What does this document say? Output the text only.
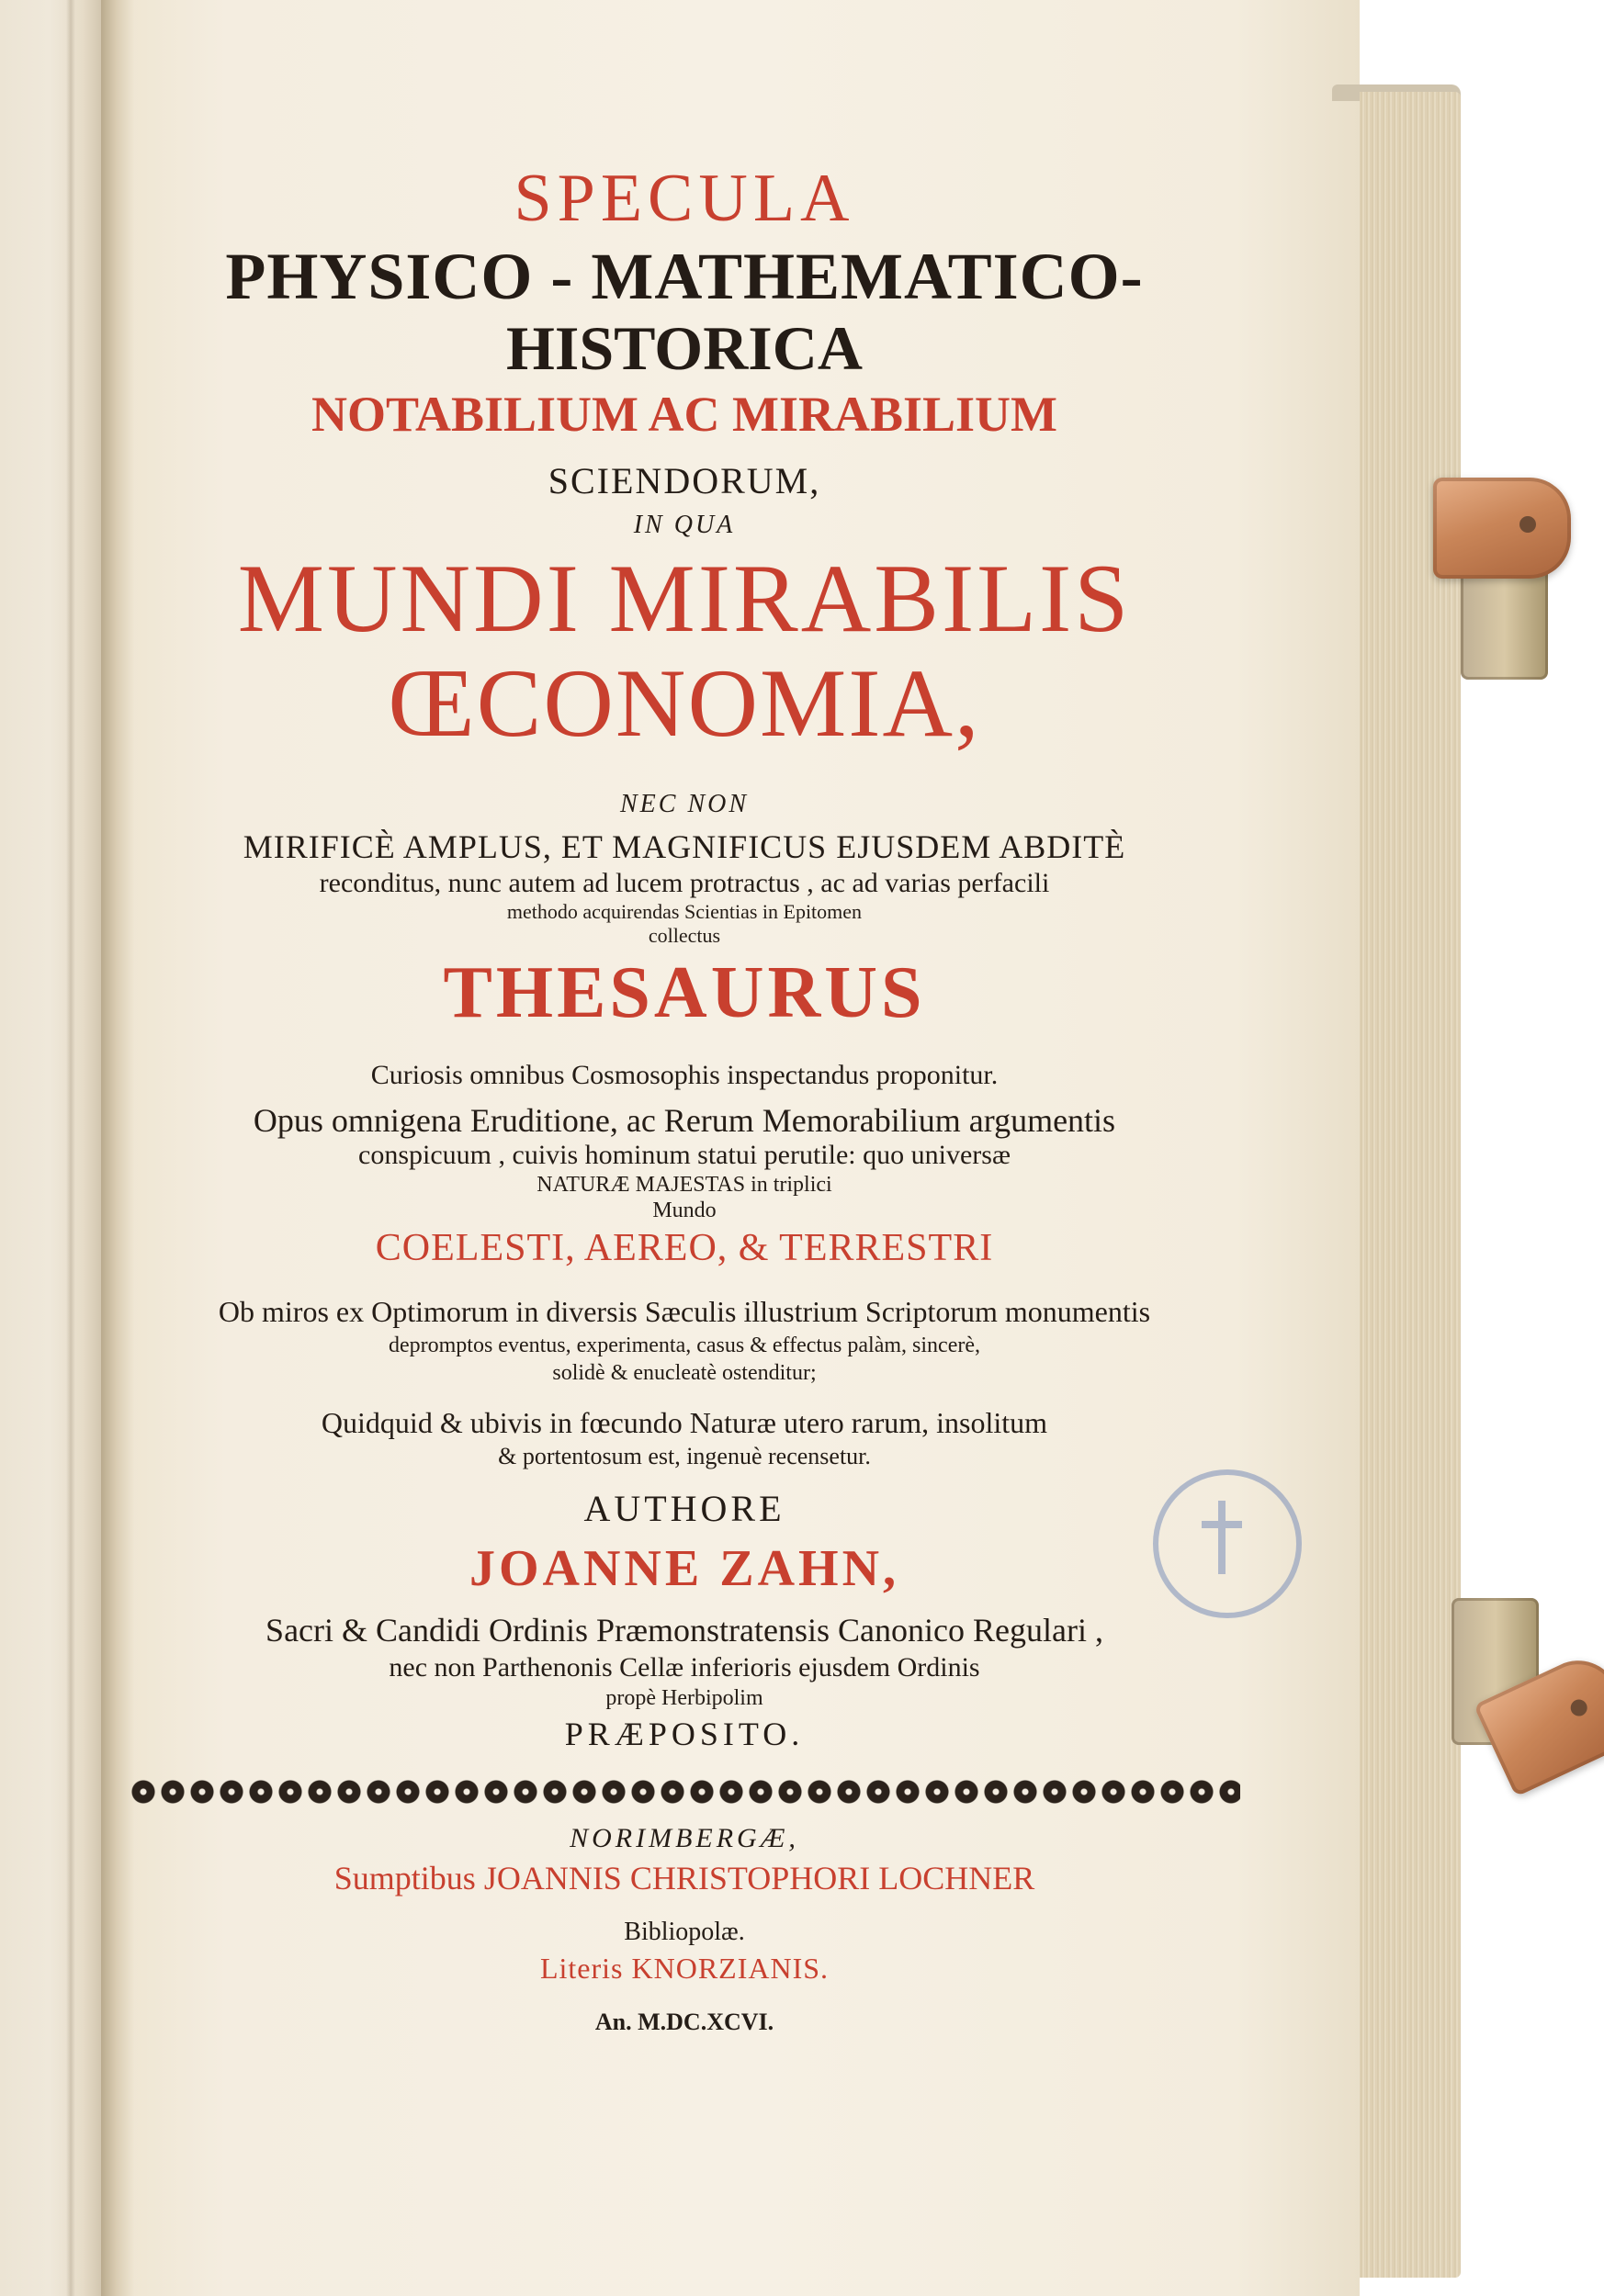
SPECULA
PHYSICO - MATHEMATICO-
HISTORICA
NOTABILIUM AC MIRABILIUM
SCIENDORUM,
IN QUA
MUNDI MIRABILIS
ŒCONOMIA,
NEC NON
MIRIFICÈ AMPLUS, ET MAGNIFICUS EJUSDEM ABDITÈ
reconditus, nunc autem ad lucem protractus , ac ad varias perfacili
methodo acquirendas Scientias in Epitomen
collectus
THESAURUS
Curiosis omnibus Cosmosophis inspectandus proponitur.
Opus omnigena Eruditione, ac Rerum Memorabilium argumentis
conspicuum , cuivis hominum statui perutile: quo universæ
NATURÆ MAJESTAS in triplici
Mundo
COELESTI, AEREO, & TERRESTRI
Ob miros ex Optimorum in diversis Sæculis illustrium Scriptorum monumentis
depromptos eventus, experimenta, casus & effectus palàm, sincerè,
solidè & enucleatè ostenditur;
Quidquid & ubivis in fœcundo Naturæ utero rarum, insolitum
& portentosum est, ingenuè recensetur.
AUTHORE
JOANNE ZAHN,
Sacri & Candidi Ordinis Præmonstratensis Canonico Regulari ,
nec non Parthenonis Cellæ inferioris ejusdem Ordinis
propè Herbipolim
PRÆPOSITO.
NORIMBERGÆ,
Sumptibus JOANNIS CHRISTOPHORI LOCHNER
Bibliopolæ.
Literis KNORZIANIS.
An. M.DC.XCVI.
